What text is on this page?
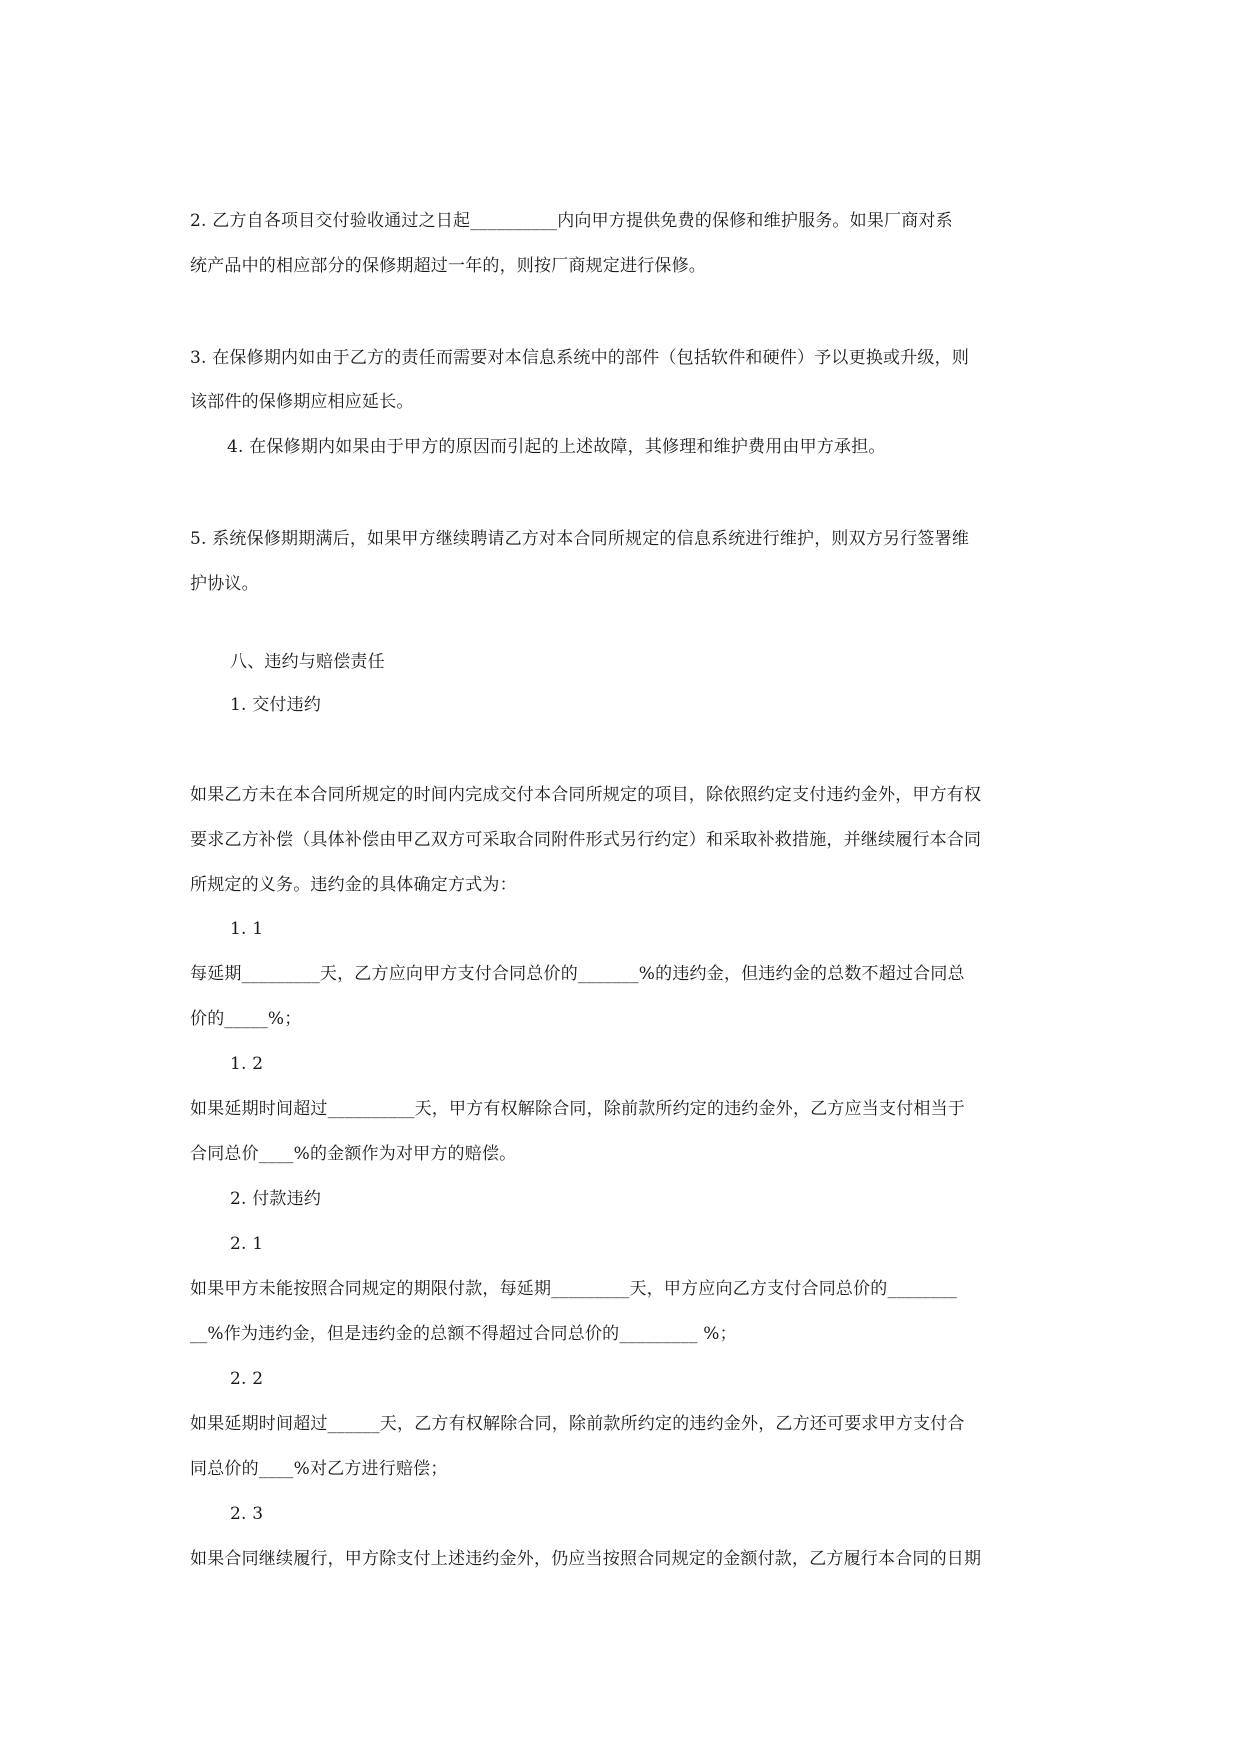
2. 乙方自各项目交付验收通过之日起__________内向甲方提供免费的保修和维护服务。如果厂商对系
统产品中的相应部分的保修期超过一年的，则按厂商规定进行保修。
3. 在保修期内如由于乙方的责任而需要对本信息系统中的部件（包括软件和硬件）予以更换或升级，则
该部件的保修期应相应延长。
4. 在保修期内如果由于甲方的原因而引起的上述故障，其修理和维护费用由甲方承担。
5. 系统保修期期满后，如果甲方继续聘请乙方对本合同所规定的信息系统进行维护，则双方另行签署维
护协议。
八、违约与赔偿责任
1. 交付违约
如果乙方未在本合同所规定的时间内完成交付本合同所规定的项目，除依照约定支付违约金外，甲方有权
要求乙方补偿（具体补偿由甲乙双方可采取合同附件形式另行约定）和采取补救措施，并继续履行本合同
所规定的义务。违约金的具体确定方式为：
1. 1
每延期_________天，乙方应向甲方支付合同总价的_______%的违约金，但违约金的总数不超过合同总
价的_____%；
1. 2
如果延期时间超过__________天，甲方有权解除合同，除前款所约定的违约金外，乙方应当支付相当于
合同总价____%的金额作为对甲方的赔偿。
2. 付款违约
2. 1
如果甲方未能按照合同规定的期限付款，每延期_________天，甲方应向乙方支付合同总价的________
__%作为违约金，但是违约金的总额不得超过合同总价的_________ %；
2. 2
如果延期时间超过______天，乙方有权解除合同，除前款所约定的违约金外，乙方还可要求甲方支付合
同总价的____%对乙方进行赔偿；
2. 3
如果合同继续履行，甲方除支付上述违约金外，仍应当按照合同规定的金额付款，乙方履行本合同的日期
